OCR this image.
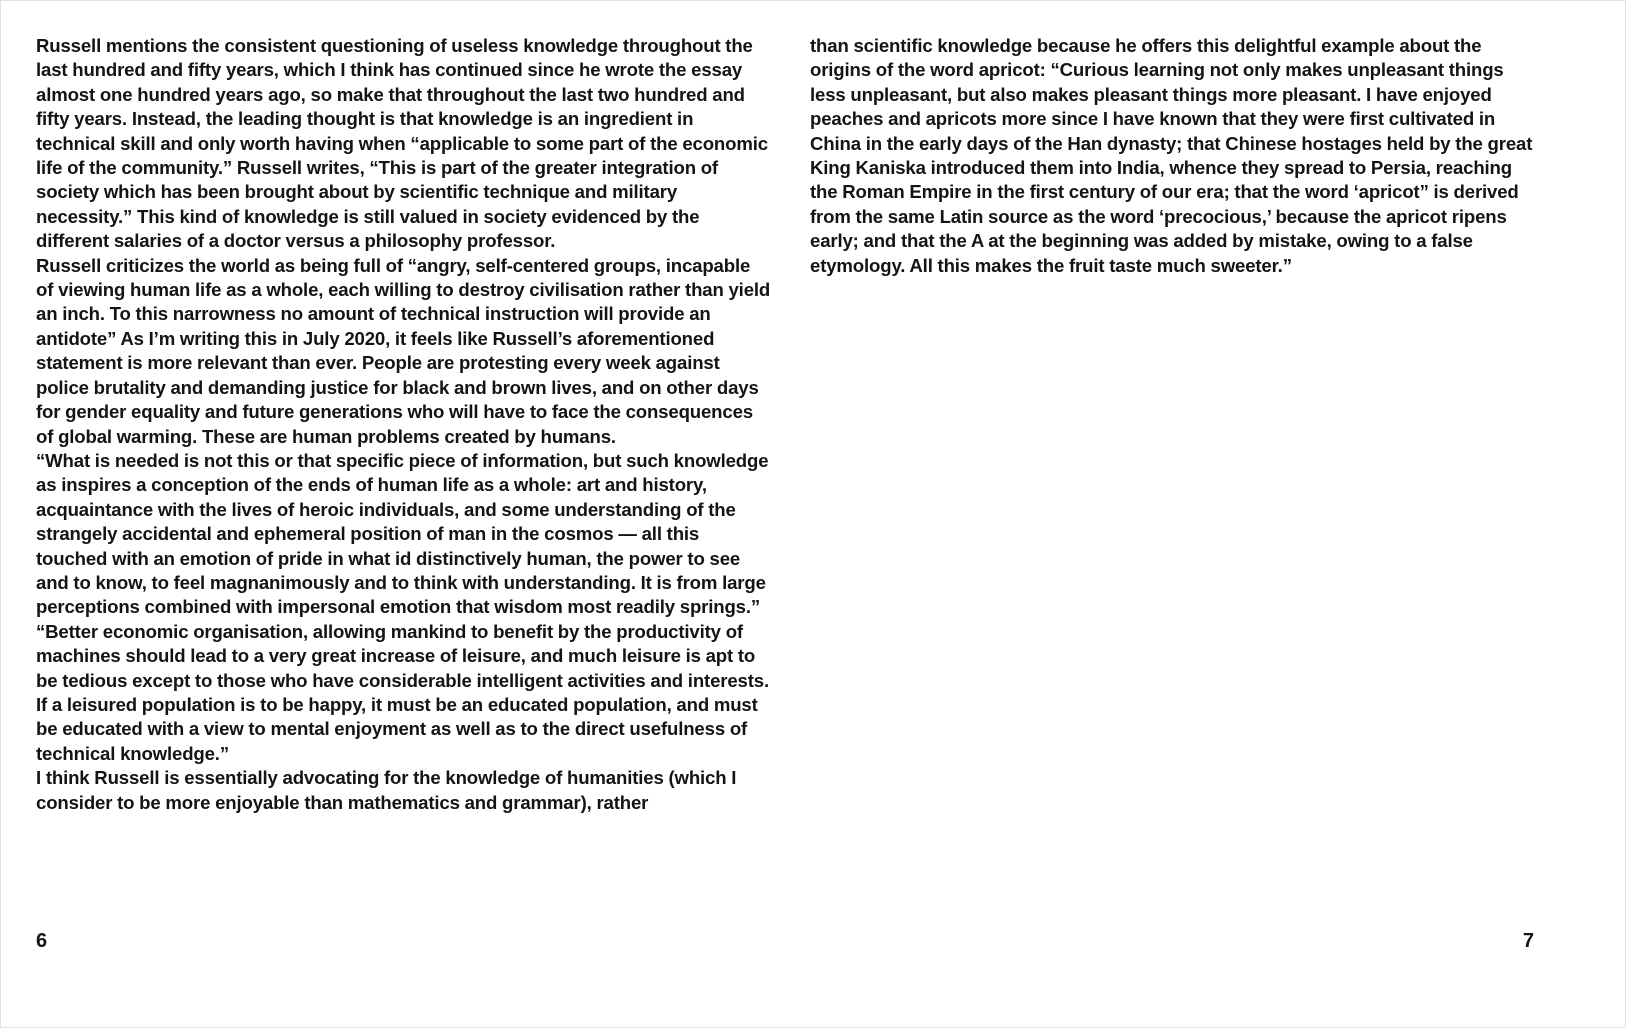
Russell mentions the consistent questioning of useless knowledge throughout the last hundred and fifty years, which I think has continued since he wrote the essay almost one hundred years ago, so make that throughout the last two hundred and fifty years. Instead, the leading thought is that knowledge is an ingredient in technical skill and only worth having when “applicable to some part of the economic life of the community.” Russell writes, “This is part of the greater integration of society which has been brought about by scientific technique and military necessity.” This kind of knowledge is still valued in society evidenced by the different salaries of a doctor versus a philosophy professor.

Russell criticizes the world as being full of “angry, self-centered groups, incapable of viewing human life as a whole, each willing to destroy civilisation rather than yield an inch. To this narrowness no amount of technical instruction will provide an antidote” As I’m writing this in July 2020, it feels like Russell’s aforementioned statement is more relevant than ever. People are protesting every week against police brutality and demanding justice for black and brown lives, and on other days for gender equality and future generations who will have to face the consequences of global warming. These are human problems created by humans.

“What is needed is not this or that specific piece of information, but such knowledge as inspires a conception of the ends of human life as a whole: art and history, acquaintance with the lives of heroic individuals, and some understanding of the strangely accidental and ephemeral position of man in the cosmos — all this touched with an emotion of pride in what id distinctively human, the power to see and to know, to feel magnanimously and to think with understanding. It is from large perceptions combined with impersonal emotion that wisdom most readily springs.”

“Better economic organisation, allowing mankind to benefit by the productivity of machines should lead to a very great increase of leisure, and much leisure is apt to be tedious except to those who have considerable intelligent activities and interests. If a leisured population is to be happy, it must be an educated population, and must be educated with a view to mental enjoyment as well as to the direct usefulness of technical knowledge.”

I think Russell is essentially advocating for the knowledge of humanities (which I consider to be more enjoyable than mathematics and grammar), rather

than scientific knowledge because he offers this delightful example about the origins of the word apricot: “Curious learning not only makes unpleasant things less unpleasant, but also makes pleasant things more pleasant. I have enjoyed peaches and apricots more since I have known that they were first cultivated in China in the early days of the Han dynasty; that Chinese hostages held by the great King Kaniska introduced them into India, whence they spread to Persia, reaching the Roman Empire in the first century of our era; that the word ‘apricot” is derived from the same Latin source as the word ‘precocious,’ because the apricot ripens early; and that the A at the beginning was added by mistake, owing to a false etymology. All this makes the fruit taste much sweeter.”

6	7
